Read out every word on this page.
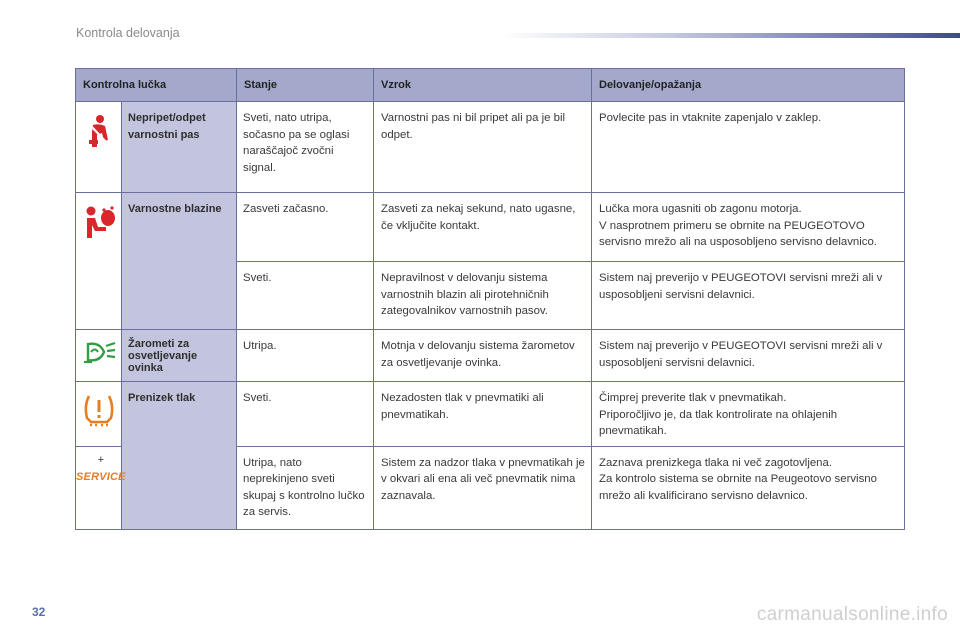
Kontrola delovanja
Kontrolna lučka		Stanje	Vzrok	Delovanje/opažanja
	Nepripet/odpet varnostni pas	Sveti, nato utripa, sočasno pa se oglasi naraščajoč zvočni signal.	Varnostni pas ni bil pripet ali pa je bil odpet.	Povlecite pas in vtaknite zapenjalo v zaklep.
	Varnostne blazine	Zasveti začasno.	Zasveti za nekaj sekund, nato ugasne, če vključite kontakt.	Lučka mora ugasniti ob zagonu motorja.
V nasprotnem primeru se obrnite na PEUGEOTOVO servisno mrežo ali na usposobljeno servisno delavnico.
		Sveti.	Nepravilnost v delovanju sistema varnostnih blazin ali pirotehničnih zategovalnikov varnostnih pasov.	Sistem naj preverijo v PEUGEOTOVI servisni mreži ali v usposobljeni servisni delavnici.
	Žarometi za osvetljevanje ovinka	Utripa.	Motnja v delovanju sistema žarometov za osvetljevanje ovinka.	Sistem naj preverijo v PEUGEOTOVI servisni mreži ali v usposobljeni servisni delavnici.
	Prenizek tlak	Sveti.	Nezadosten tlak v pnevmatiki ali pnevmatikah.	Čimprej preverite tlak v pnevmatikah.
Priporočljivo je, da tlak kontrolirate na ohlajenih pnevmatikah.

+
SERVICE		Utripa, nato neprekinjeno sveti skupaj s kontrolno lučko za servis.	Sistem za nadzor tlaka v pnevmatikah je v okvari ali ena ali več pnevmatik nima zaznavala.	Zaznava prenizkega tlaka ni več zagotovljena.
Za kontrolo sistema se obrnite na Peugeotovo servisno mrežo ali kvalificirano servisno delavnico.
32	carmanualsonline.info
